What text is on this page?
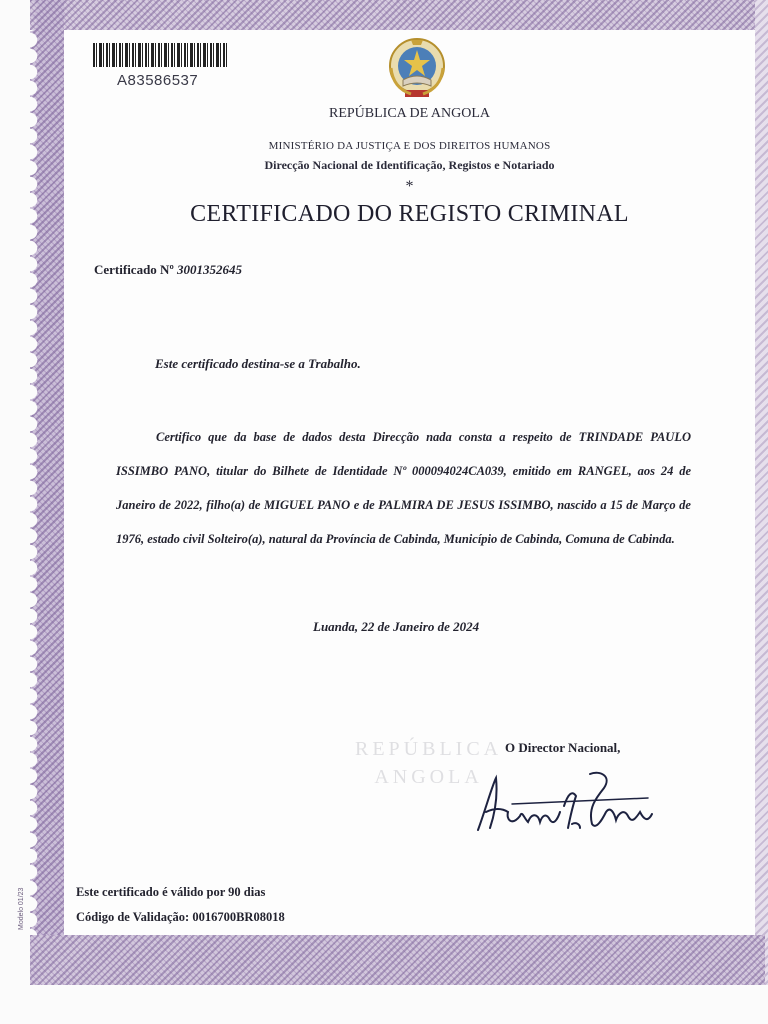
Modelo 01/23
A83586537
REPÚBLICA DE ANGOLA
MINISTÉRIO DA JUSTIÇA E DOS DIREITOS HUMANOS
Direcção Nacional de Identificação, Registos e Notariado
*
CERTIFICADO DO REGISTO CRIMINAL
Certificado Nº 3001352645
Este certificado destina-se a Trabalho.
Certifico que da base de dados desta Direcção nada consta a respeito de TRINDADE PAULO ISSIMBO PANO, titular do Bilhete de Identidade Nº 000094024CA039, emitido em RANGEL, aos 24 de Janeiro de 2022, filho(a) de MIGUEL PANO e de PALMIRA DE JESUS ISSIMBO, nascido a 15 de Março de 1976, estado civil Solteiro(a), natural da Província de Cabinda, Município de Cabinda, Comuna de Cabinda.
Luanda, 22 de Janeiro de 2024
REPÚBLICA
ANGOLA
O Director Nacional,
Este certificado é válido por 90 dias
Código de Validação: 0016700BR08018
